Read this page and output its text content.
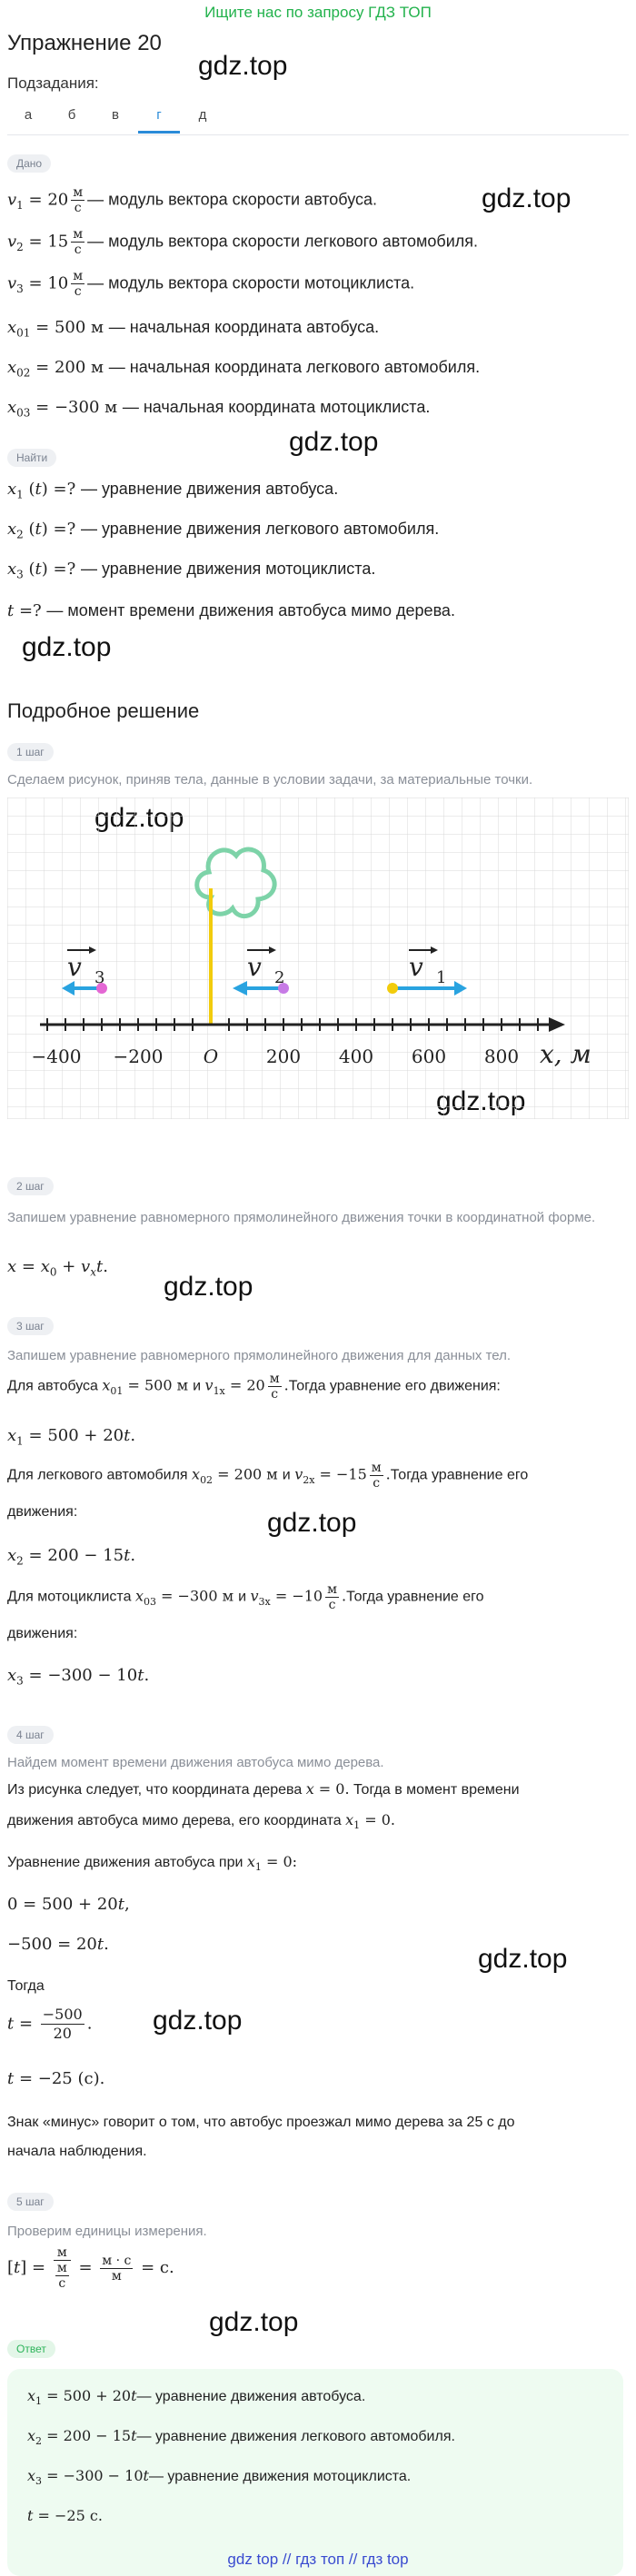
Ищите нас по запросу ГДЗ ТОП
Упражнение 20
Подзадания:
а	б	в	г	д
gdz.top
gdz.top
gdz.top
gdz.top
gdz.top
gdz.top
gdz.top
gdz.top
gdz.top
Дано
$v_1 = 20 \frac{м}{с}$ — модуль вектора скорости автобуса.
$v_2 = 15 \frac{м}{с}$ — модуль вектора скорости легкового автомобиля.
$v_3 = 10 \frac{м}{с}$ — модуль вектора скорости мотоциклиста.
$x_{01} = 500$ м — начальная координата автобуса.
$x_{02} = 200$ м — начальная координата легкового автомобиля.
$x_{03} = -300$ м — начальная координата мотоциклиста.
Найти
$x_1$ (t) =? — уравнение движения автобуса.
$x_2$ (t) =? — уравнение движения легкового автомобиля.
$x_3$ (t) =? — уравнение движения мотоциклиста.
t =? — момент времени движения автобуса мимо дерева.
Подробное решение
1 шаг
Сделаем рисунок, приняв тела, данные в условии задачи, за материальные точки.
−400 −200 O	200 400 600 800 x, м
v 3	v 2	v 1
2 шаг
Запишем уравнение равномерного прямолинейного движения точки в координатной форме.
$x = x_0 + v_xt$.
3 шаг
Запишем уравнение равномерного прямолинейного движения для данных тел.
Для автобуса $x_{01} = 500$ м и $v_{1x} = 20 \frac{м}{с}$ .Тогда уравнение его движения:
$x_1 = 500 + 20t$.
Для легкового автомобиля $x_{02} = 200$ м и $v_{2x} = -15 \frac{м}{с}$ .Тогда уравнение его
движения:
$x_2 = 200 - 15t$.
Для мотоциклиста $x_{03} = -300$ м и $v_{3x} = -10 \frac{м}{с}$ .Тогда уравнение его
движения:
$x_3 = -300 - 10t$.
4 шаг
Найдем момент времени движения автобуса мимо дерева.
Из рисунка следует, что координата дерева x = 0. Тогда в момент времени
движения автобуса мимо дерева, его координата $x_1 = 0$.
Уравнение движения автобуса при $x_1 = 0$:
0 = 500 + 20t,
−500 = 20t.
Тогда
$t = \frac{-500}{20}$ .
t = −25 (с).
Знак «минус» говорит о том, что автобус проезжал мимо дерева за 25 с до
начала наблюдения.
5 шаг
Проверим единицы измерения.
$[t] = \frac{м}{\frac{м}{с}} = \frac{м \cdot с}{м} = с$.
Ответ
$x_1 = 500$ + 20t— уравнение движения автобуса.
$x_2 = 200$ − 15t— уравнение движения легкового автомобиля.
$x_3 = -300$ − 10t— уравнение движения мотоциклиста.
t = −25 с.
gdz top // гдз топ // гдз top
